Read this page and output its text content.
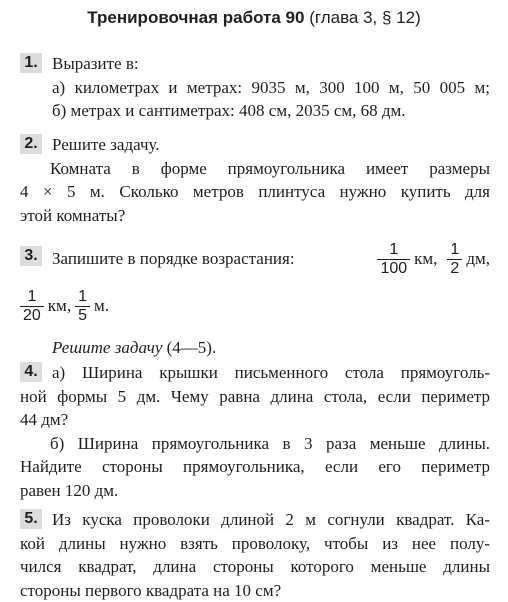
Тренировочная работа 90 (глава 3, § 12)
1. Выразите в:
а) километрах и метрах: 9035 м, 300 100 м, 50 005 м;
б) метрах и сантиметрах: 408 см, 2035 см, 68 дм.
2. Решите задачу.
Комната в форме прямоугольника имеет размеры
4 × 5 м. Сколько метров плинтуса нужно купить для
этой комнаты?
3. Запишите в порядке возрастания:	$\frac{1}{100}$ км, $\frac{1}{2}$ дм,
$\frac{1}{20}$ км, $\frac{1}{5} м$.
Решите задачу (4—5).
4. а) Ширина крышки письменного стола прямоуголь-
ной формы 5 дм. Чему равна длина стола, если периметр
44 дм?
б) Ширина прямоугольника в 3 раза меньше длины.
Найдите стороны прямоугольника, если его периметр
равен 120 дм.
5. Из куска проволоки длиной 2 м согнули квадрат. Ка-
кой длины нужно взять проволоку, чтобы из нее полу-
чился квадрат, длина стороны которого меньше длины
стороны первого квадрата на 10 см?
